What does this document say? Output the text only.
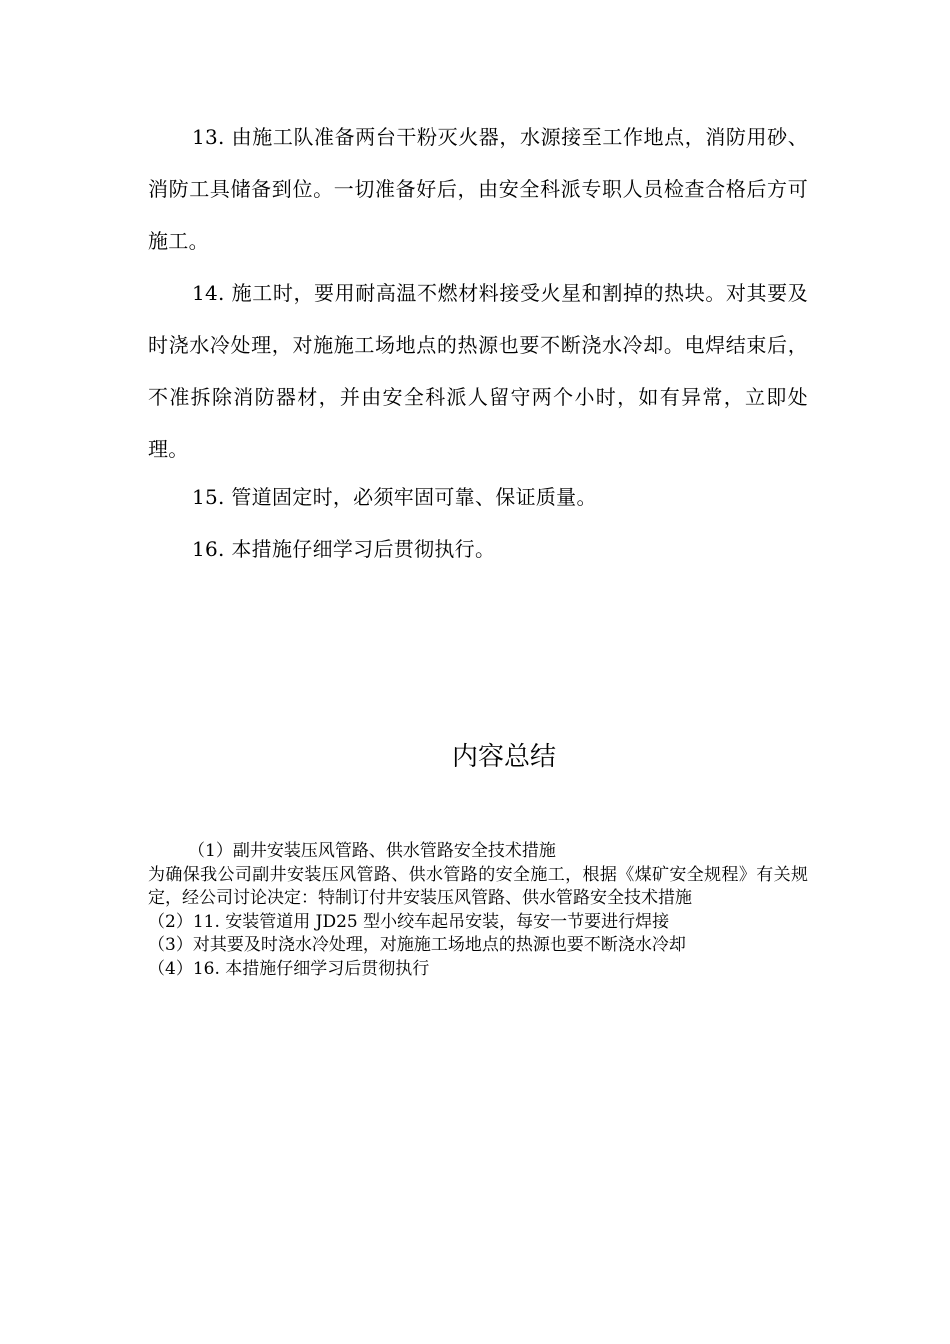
13. 由施工队准备两台干粉灭火器，水源接至工作地点，消防用砂、消防工具储备到位。一切准备好后，由安全科派专职人员检查合格后方可施工。

14. 施工时，要用耐高温不燃材料接受火星和割掉的热块。对其要及时浇水冷处理，对施施工场地点的热源也要不断浇水冷却。电焊结束后，不准拆除消防器材，并由安全科派人留守两个小时，如有异常，立即处理。

15. 管道固定时，必须牢固可靠、保证质量。

16. 本措施仔细学习后贯彻执行。

内容总结

（1）副井安装压风管路、供水管路安全技术措施

为确保我公司副井安装压风管路、供水管路的安全施工，根据《煤矿安全规程》有关规定，经公司讨论决定：特制订付井安装压风管路、供水管路安全技术措施

（2）11. 安装管道用 JD25 型小绞车起吊安装，每安一节要进行焊接

（3）对其要及时浇水冷处理，对施施工场地点的热源也要不断浇水冷却

（4）16. 本措施仔细学习后贯彻执行
